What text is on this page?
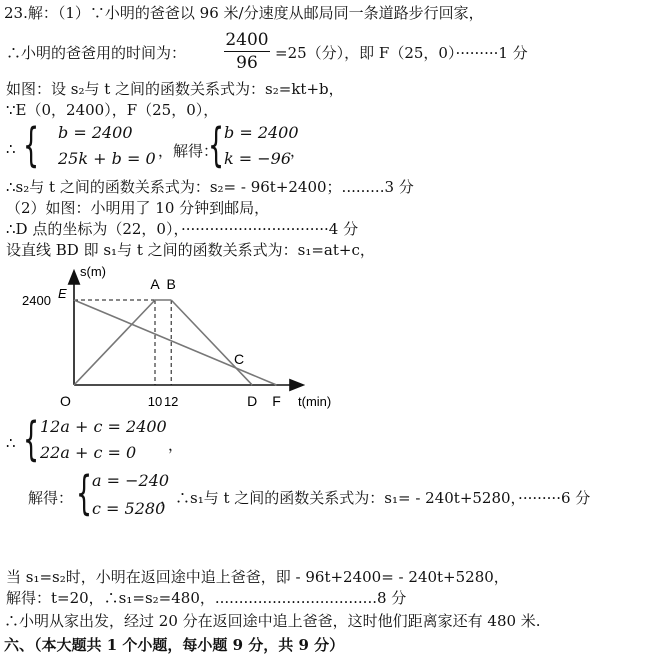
23.解：（1）∵小明的爸爸以 96 米/分速度从邮局同一条道路步行回家，
∴小明的爸爸用的时间为：
2400
96	=25（分），即 F（25，0）·········1 分
如图：设 s₂与 t 之间的函数关系式为：s₂=kt+b，
∵E（0，2400），F（25，0），
∴ { b = 2400
25k + b = 0 ，解得：
{ b = 2400
k = −96
，
∴s₂与 t 之间的函数关系式为：s₂= - 96t+2400；.........3 分
（2）如图：小明用了 10 分钟到邮局，
∴D 点的坐标为（22，0），·······························4 分
设直线 BD 即 s₁与 t 之间的函数关系式为：s₁=at+c，
s(m)
t(min)
2400
10 12
O
E
A B
C
D F
∴ { 12a + c = 2400
22a + c = 0 ，
解得： { a = −240
c = 5280
，∴s₁与 t 之间的函数关系式为：s₁= - 240t+5280，·········6 分
当 s₁=s₂时，小明在返回途中追上爸爸，即 - 96t+2400= - 240t+5280，
解得：t=20，∴s₁=s₂=480，..................................8 分
∴小明从家出发，经过 20 分在返回途中追上爸爸，这时他们距离家还有 480 米.
六、（本大题共 1 个小题，每小题 9 分，共 9 分）
